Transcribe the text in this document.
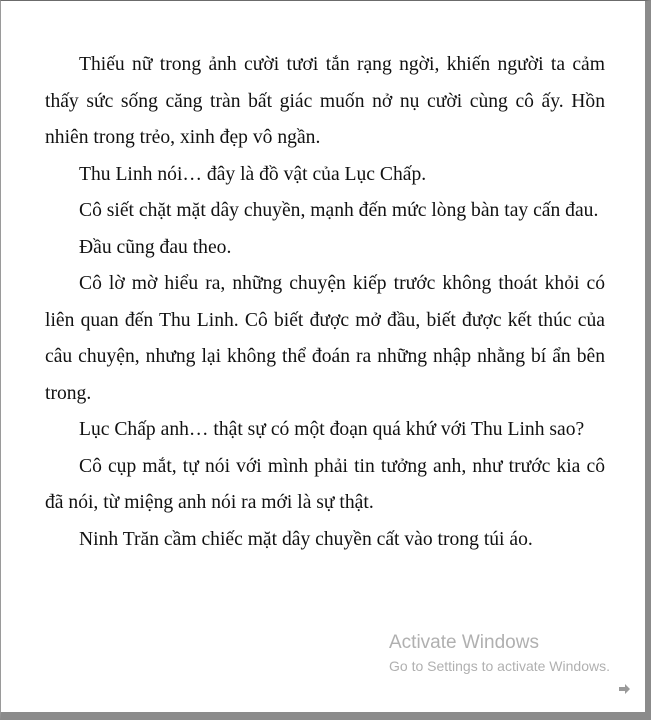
Thiếu nữ trong ảnh cười tươi tắn rạng ngời, khiến người ta cảm thấy sức sống căng tràn bất giác muốn nở nụ cười cùng cô ấy. Hồn nhiên trong trẻo, xinh đẹp vô ngần.

Thu Linh nói… đây là đồ vật của Lục Chấp.

Cô siết chặt mặt dây chuyền, mạnh đến mức lòng bàn tay cấn đau.

Đầu cũng đau theo.

Cô lờ mờ hiểu ra, những chuyện kiếp trước không thoát khỏi có liên quan đến Thu Linh. Cô biết được mở đầu, biết được kết thúc của câu chuyện, nhưng lại không thể đoán ra những nhập nhằng bí ẩn bên trong.

Lục Chấp anh… thật sự có một đoạn quá khứ với Thu Linh sao?

Cô cụp mắt, tự nói với mình phải tin tưởng anh, như trước kia cô đã nói, từ miệng anh nói ra mới là sự thật.

Ninh Trăn cầm chiếc mặt dây chuyền cất vào trong túi áo.

Activate Windows
Go to Settings to activate Windows.
